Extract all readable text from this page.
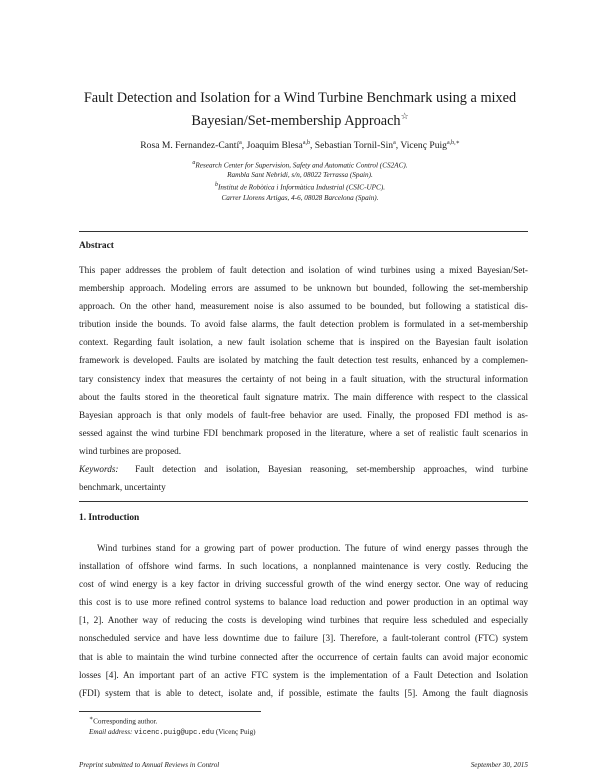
Fault Detection and Isolation for a Wind Turbine Benchmark using a mixed
Bayesian/Set-membership Approach☆
Rosa M. Fernandez-Cantí$^a$, Joaquim Blesa$^{a,b}$, Sebastian Tornil-Sin$^a$, Vicenç Puig$^{a,b,∗}$
$^a$Research Center for Supervision, Safety and Automatic Control (CS2AC).
Rambla Sant Nebridi, s/n, 08022 Terrassa (Spain).
$^b$Institut de Robòtica i Informàtica Industrial (CSIC-UPC).
Carrer Llorens Artigas, 4-6, 08028 Barcelona (Spain).
Abstract
This paper addresses the problem of fault detection and isolation of wind turbines using a mixed Bayesian/Set-
membership approach. Modeling errors are assumed to be unknown but bounded, following the set-membership
approach. On the other hand, measurement noise is also assumed to be bounded, but following a statistical dis-
tribution inside the bounds. To avoid false alarms, the fault detection problem is formulated in a set-membership
context. Regarding fault isolation, a new fault isolation scheme that is inspired on the Bayesian fault isolation
framework is developed. Faults are isolated by matching the fault detection test results, enhanced by a complemen-
tary consistency index that measures the certainty of not being in a fault situation, with the structural information
about the faults stored in the theoretical fault signature matrix. The main difference with respect to the classical
Bayesian approach is that only models of fault-free behavior are used. Finally, the proposed FDI method is as-
sessed against the wind turbine FDI benchmark proposed in the literature, where a set of realistic fault scenarios in
wind turbines are proposed.
Keywords: Fault detection and isolation, Bayesian reasoning, set-membership approaches, wind turbine
benchmark, uncertainty
1. Introduction
Wind turbines stand for a growing part of power production. The future of wind energy passes through the
installation of offshore wind farms. In such locations, a nonplanned maintenance is very costly. Reducing the
cost of wind energy is a key factor in driving successful growth of the wind energy sector. One way of reducing
this cost is to use more refined control systems to balance load reduction and power production in an optimal way
[1, 2]. Another way of reducing the costs is developing wind turbines that require less scheduled and especially
nonscheduled service and have less downtime due to failure [3]. Therefore, a fault-tolerant control (FTC) system
that is able to maintain the wind turbine connected after the occurrence of certain faults can avoid major economic
losses [4]. An important part of an active FTC system is the implementation of a Fault Detection and Isolation
(FDI) system that is able to detect, isolate and, if possible, estimate the faults [5]. Among the fault diagnosis
∗Corresponding author.
Email address: vicenc.puig@upc.edu (Vicenç Puig)
Preprint submitted to Annual Reviews in Control	September 30, 2015
